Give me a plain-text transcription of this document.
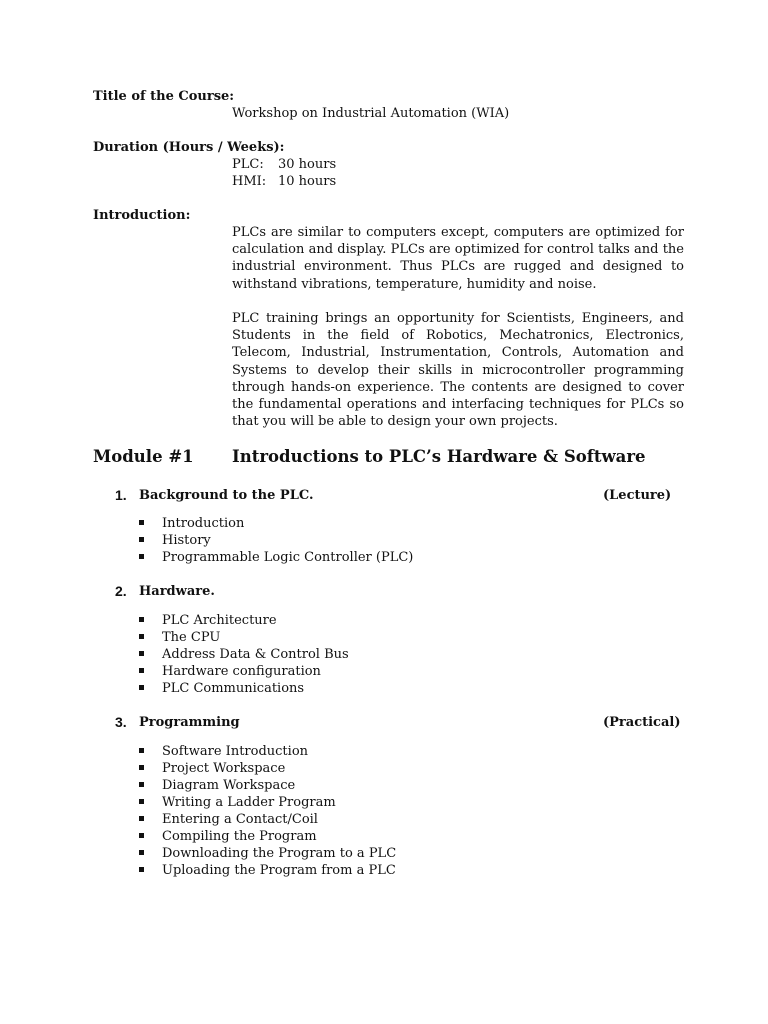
Title of the Course:
Workshop on Industrial Automation (WIA)
Duration (Hours / Weeks):
PLC: 30 hours
HMI: 10 hours
Introduction:
PLCs are similar to computers except, computers are optimized for calculation and display. PLCs are optimized for control talks and the industrial environment. Thus PLCs are rugged and designed to withstand vibrations, temperature, humidity and noise.
PLC training brings an opportunity for Scientists, Engineers, and Students in the field of Robotics, Mechatronics, Electronics, Telecom, Industrial, Instrumentation, Controls, Automation and Systems to develop their skills in microcontroller programming through hands-on experience. The contents are designed to cover the fundamental operations and interfacing techniques for PLCs so that you will be able to design your own projects.
Module #1 Introductions to PLC’s Hardware & Software
1. Background to the PLC.	(Lecture)
Introduction
History
Programmable Logic Controller (PLC)
2. Hardware.
PLC Architecture
The CPU
Address Data & Control Bus
Hardware configuration
PLC Communications
3. Programming	(Practical)
Software Introduction
Project Workspace
Diagram Workspace
Writing a Ladder Program
Entering a Contact/Coil
Compiling the Program
Downloading the Program to a PLC
Uploading the Program from a PLC
